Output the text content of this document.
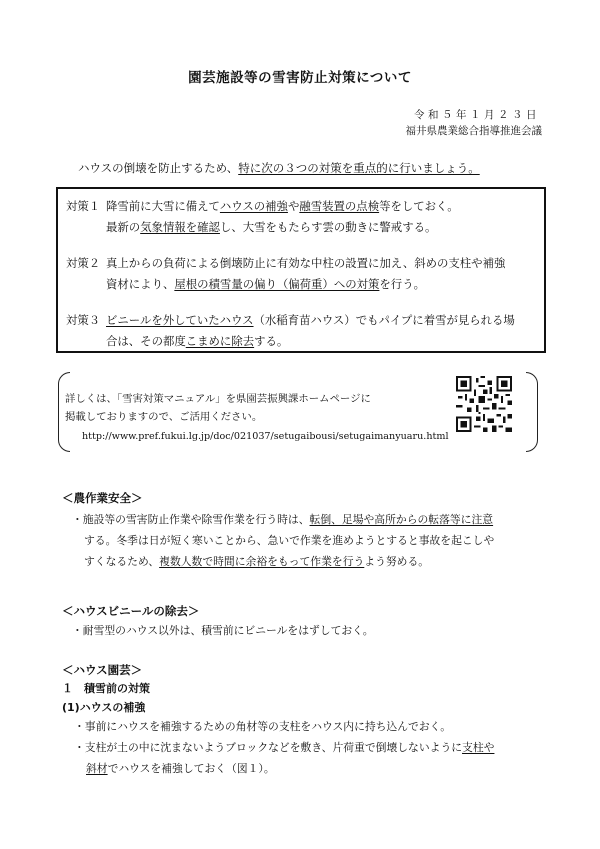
園芸施設等の雪害防止対策について
令和５年１月２３日
福井県農業総合指導推進会議
ハウスの倒壊を防止するため、特に次の３つの対策を重点的に行いましょう。
対策１ 降雪前に大雪に備えてハウスの補強や融雪装置の点検等をしておく。
最新の気象情報を確認し、大雪をもたらす雲の動きに警戒する。
対策２ 真上からの負荷による倒壊防止に有効な中柱の設置に加え、斜めの支柱や補強
資材により、屋根の積雪量の偏り（偏荷重）への対策を行う。
対策３ ビニールを外していたハウス（水稲育苗ハウス）でもパイプに着雪が見られる場
合は、その都度こまめに除去する。
詳しくは、「雪害対策マニュアル」を県園芸振興課ホームページに
掲載しておりますので、ご活用ください。
http://www.pref.fukui.lg.jp/doc/021037/setugaibousi/setugaimanyuaru.html
＜農作業安全＞
・施設等の雪害防止作業や除雪作業を行う時は、転倒、足場や高所からの転落等に注意
する。冬季は日が短く寒いことから、急いで作業を進めようとすると事故を起こしや
すくなるため、複数人数で時間に余裕をもって作業を行うよう努める。
＜ハウスビニールの除去＞
・耐雪型のハウス以外は、積雪前にビニールをはずしておく。
＜ハウス園芸＞
１　積雪前の対策
(1)ハウスの補強
・事前にハウスを補強するための角材等の支柱をハウス内に持ち込んでおく。
・支柱が土の中に沈まないようブロックなどを敷き、片荷重で倒壊しないように支柱や
斜材でハウスを補強しておく（図１）。
